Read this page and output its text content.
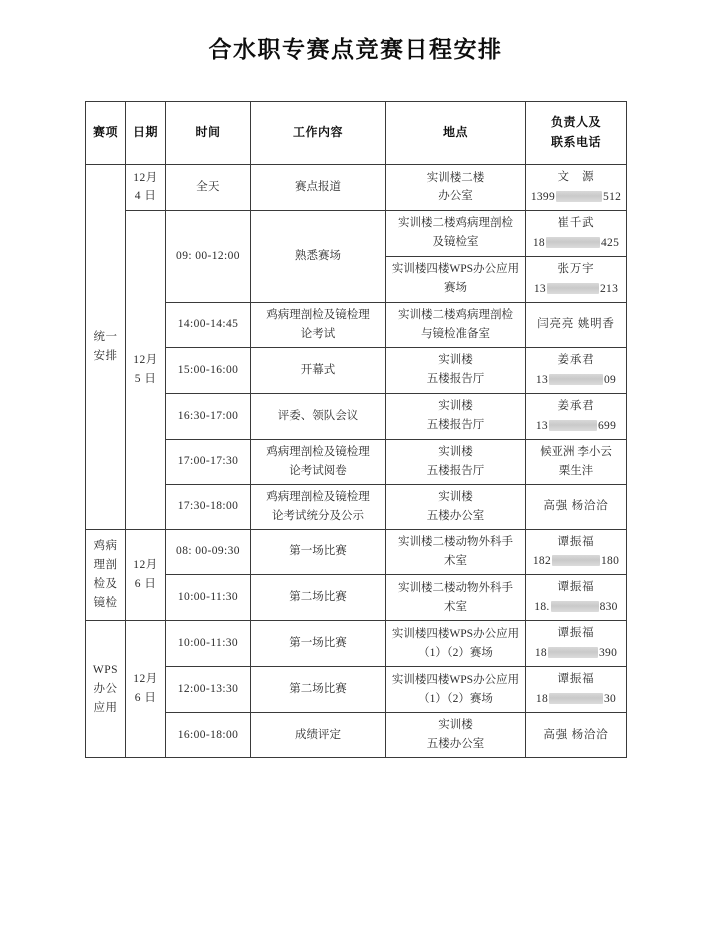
合水职专赛点竞赛日程安排
赛项	日期	时间	工作内容	地点	负责人及
联系电话

统一
安排	12月
4 日	全天	赛点报道	实训楼二楼
办公室	文　源
1399 512

	12月
5 日	09: 00-12:00	熟悉赛场	实训楼二楼鸡病理剖检
及镜检室	崔千武
18 425

				实训楼四楼WPS办公应用
赛场	张万宇
13 213

		14:00-14:45	鸡病理剖检及镜检理
论考试	实训楼二楼鸡病理剖检
与镜检准备室	闫亮亮 姚明香

		15:00-16:00	开幕式	实训楼
五楼报告厅	姜承君
13 09

		16:30-17:00	评委、领队会议	实训楼
五楼报告厅	姜承君
13 699

		17:00-17:30	鸡病理剖检及镜检理
论考试阅卷	实训楼
五楼报告厅	候亚洲 李小云
栗生沣

		17:30-18:00	鸡病理剖检及镜检理
论考试统分及公示	实训楼
五楼办公室	高强 杨洽洽

鸡病
理剖
检及
镜检	12月
6 日	08: 00-09:30	第一场比赛	实训楼二楼动物外科手
术室	谭振福
182 180

		10:00-11:30	第二场比赛	实训楼二楼动物外科手
术室	谭振福
18. 830

WPS
办公
应用	12月
6 日	10:00-11:30	第一场比赛	实训楼四楼WPS办公应用
（1）（2）赛场	谭振福
18 390

		12:00-13:30	第二场比赛	实训楼四楼WPS办公应用
（1）（2）赛场	谭振福
18 30

		16:00-18:00	成绩评定	实训楼
五楼办公室	高强 杨洽洽
